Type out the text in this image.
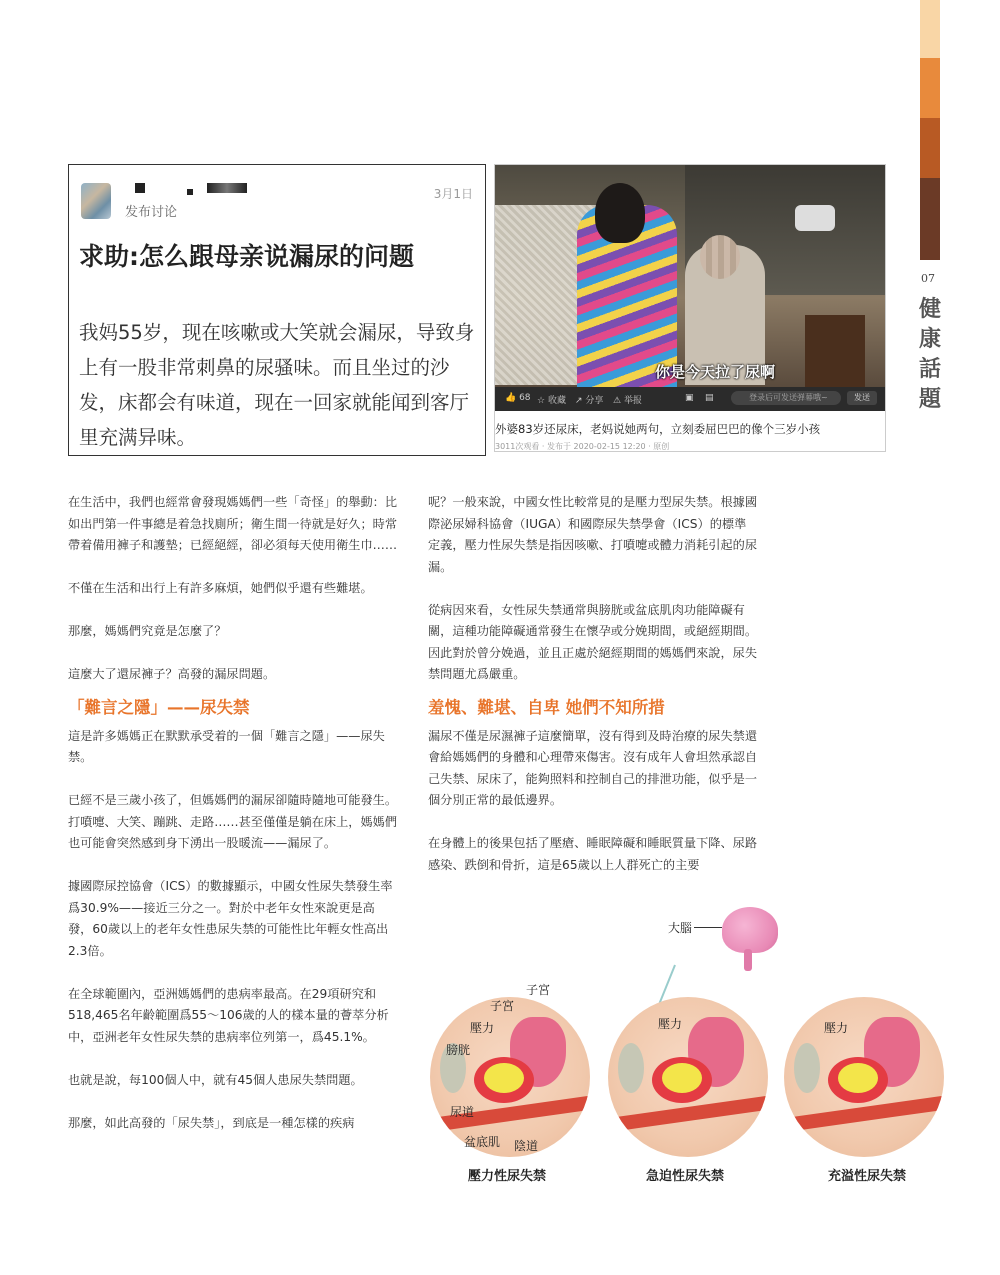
07
健
康
話
題
发布讨论
3月1日
求助:怎么跟母亲说漏尿的问题
我妈55岁，现在咳嗽或大笑就会漏尿，导致身上有一股非常刺鼻的尿骚味。而且坐过的沙发，床都会有味道，现在一回家就能闻到客厅里充满异味。
你是今天拉了尿啊
👍 68 ☆ 收藏 ↗ 分享 ⚠ 举报	▣ ▤	登录后可发送弹幕哦~	发送
外婆83岁还尿床，老妈说她两句，立刻委屈巴巴的像个三岁小孩
3011次观看 · 发布于 2020-02-15 12:20 · 原创

在生活中，我們也經常會發現媽媽們一些「奇怪」的舉動：比如出門第一件事總是着急找廁所；衛生間一待就是好久；時常帶着備用褲子和護墊；已經絕經，卻必須每天使用衛生巾……

不僅在生活和出行上有許多麻煩，她們似乎還有些難堪。

那麼，媽媽們究竟是怎麼了？

這麼大了還尿褲子？高發的漏尿問題。

「難言之隱」——尿失禁

這是許多媽媽正在默默承受着的一個「難言之隱」——尿失禁。

已經不是三歲小孩了，但媽媽們的漏尿卻隨時隨地可能發生。打噴嚏、大笑、蹦跳、走路……甚至僅僅是躺在床上，媽媽們也可能會突然感到身下湧出一股暖流——漏尿了。

據國際尿控協會（ICS）的數據顯示，中國女性尿失禁發生率爲30.9%——接近三分之一。對於中老年女性來說更是高發，60歲以上的老年女性患尿失禁的可能性比年輕女性高出2.3倍。

在全球範圍內，亞洲媽媽們的患病率最高。在29項研究和518,465名年齡範圍爲55～106歲的人的樣本量的薈萃分析中，亞洲老年女性尿失禁的患病率位列第一，爲45.1%。

也就是說，每100個人中，就有45個人患尿失禁問題。

那麼，如此高發的「尿失禁」，到底是一種怎樣的疾病

呢？一般來說，中國女性比較常見的是壓力型尿失禁。根據國際泌尿婦科協會（IUGA）和國際尿失禁學會（ICS）的標準定義，壓力性尿失禁是指因咳嗽、打噴嚏或體力消耗引起的尿漏。

從病因來看，女性尿失禁通常與膀胱或盆底肌肉功能障礙有關，這種功能障礙通常發生在懷孕或分娩期間，或絕經期間。因此對於曾分娩過，並且正處於絕經期間的媽媽們來說，尿失禁問題尤爲嚴重。

羞愧、難堪、自卑 她們不知所措

漏尿不僅是尿濕褲子這麼簡單，沒有得到及時治療的尿失禁還會給媽媽們的身體和心理帶來傷害。沒有成年人會坦然承認自己失禁、尿床了，能夠照料和控制自己的排泄功能，似乎是一個分別正常的最低邊界。

在身體上的後果包括了壓瘡、睡眠障礙和睡眠質量下降、尿路感染、跌倒和骨折，這是65歲以上人群死亡的主要

大腦
子宮
子宮
壓力
膀胱
尿道
盆底肌 陰道
壓力	壓力
壓力性尿失禁	急迫性尿失禁	充溢性尿失禁
